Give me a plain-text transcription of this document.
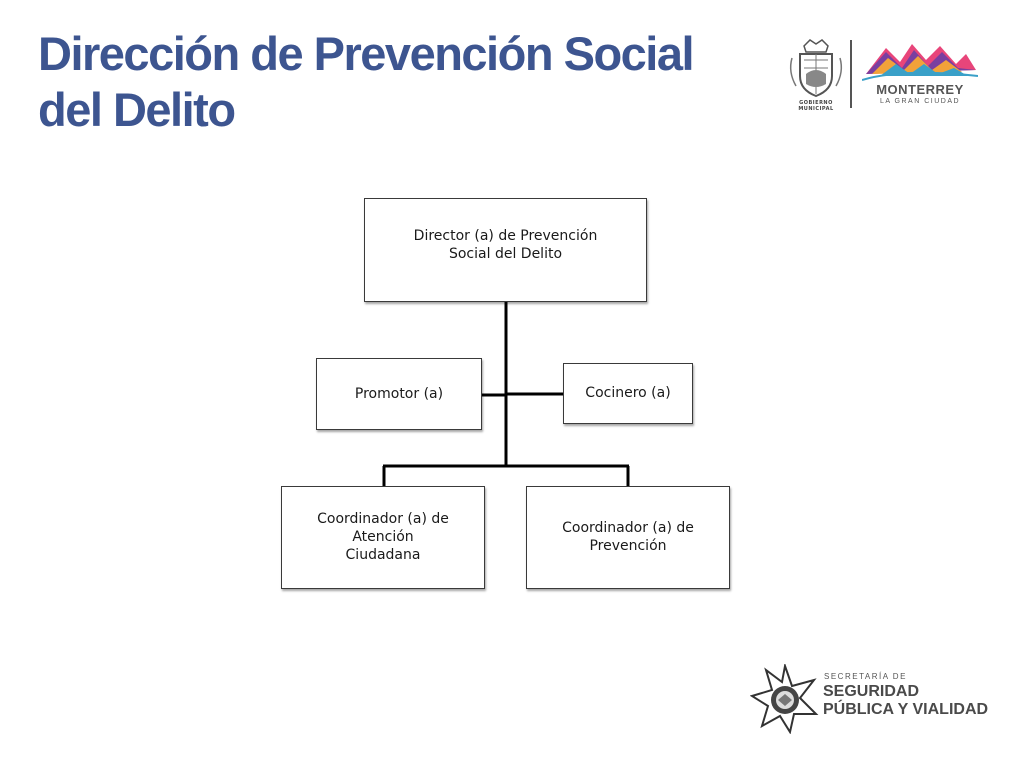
Dirección de Prevención Social
del Delito	GOBIERNO MUNICIPAL
MONTERREY
LA GRAN CIUDAD
Director (a) de Prevención
Social del Delito
Promotor (a)	Cocinero (a)
Coordinador (a) de Atención
Ciudadana
Coordinador (a) de
Prevención
SECRETARÍA DE
SEGURIDAD
PÚBLICA Y VIALIDAD
